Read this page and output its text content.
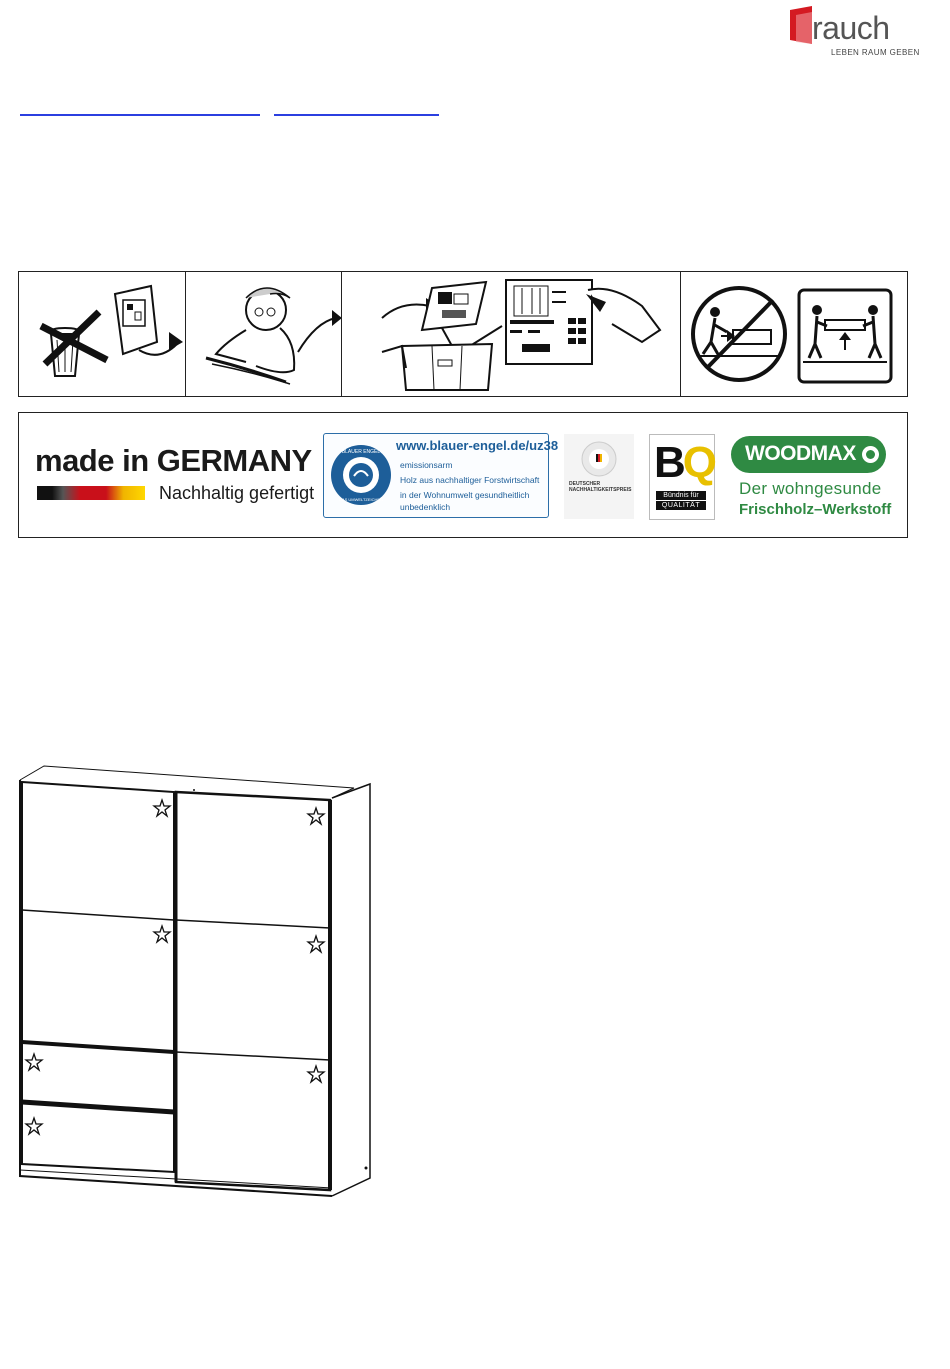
rauch
LEBEN RAUM GEBEN
made in GERMANY
Nachhaltig gefertigt
BLAUER ENGEL
DAS UMWELTZEICHEN
www.blauer-engel.de/uz38
emissionsarm
Holz aus nachhaltiger Forstwirtschaft
in der Wohnumwelt gesundheitlich
unbedenklich
DEUTSCHER
NACHHALTIGKEITSPREIS
BQ
Bündnis für
QUALITÄT
WOODMAX
Der wohngesunde
Frischholz–Werkstoff
